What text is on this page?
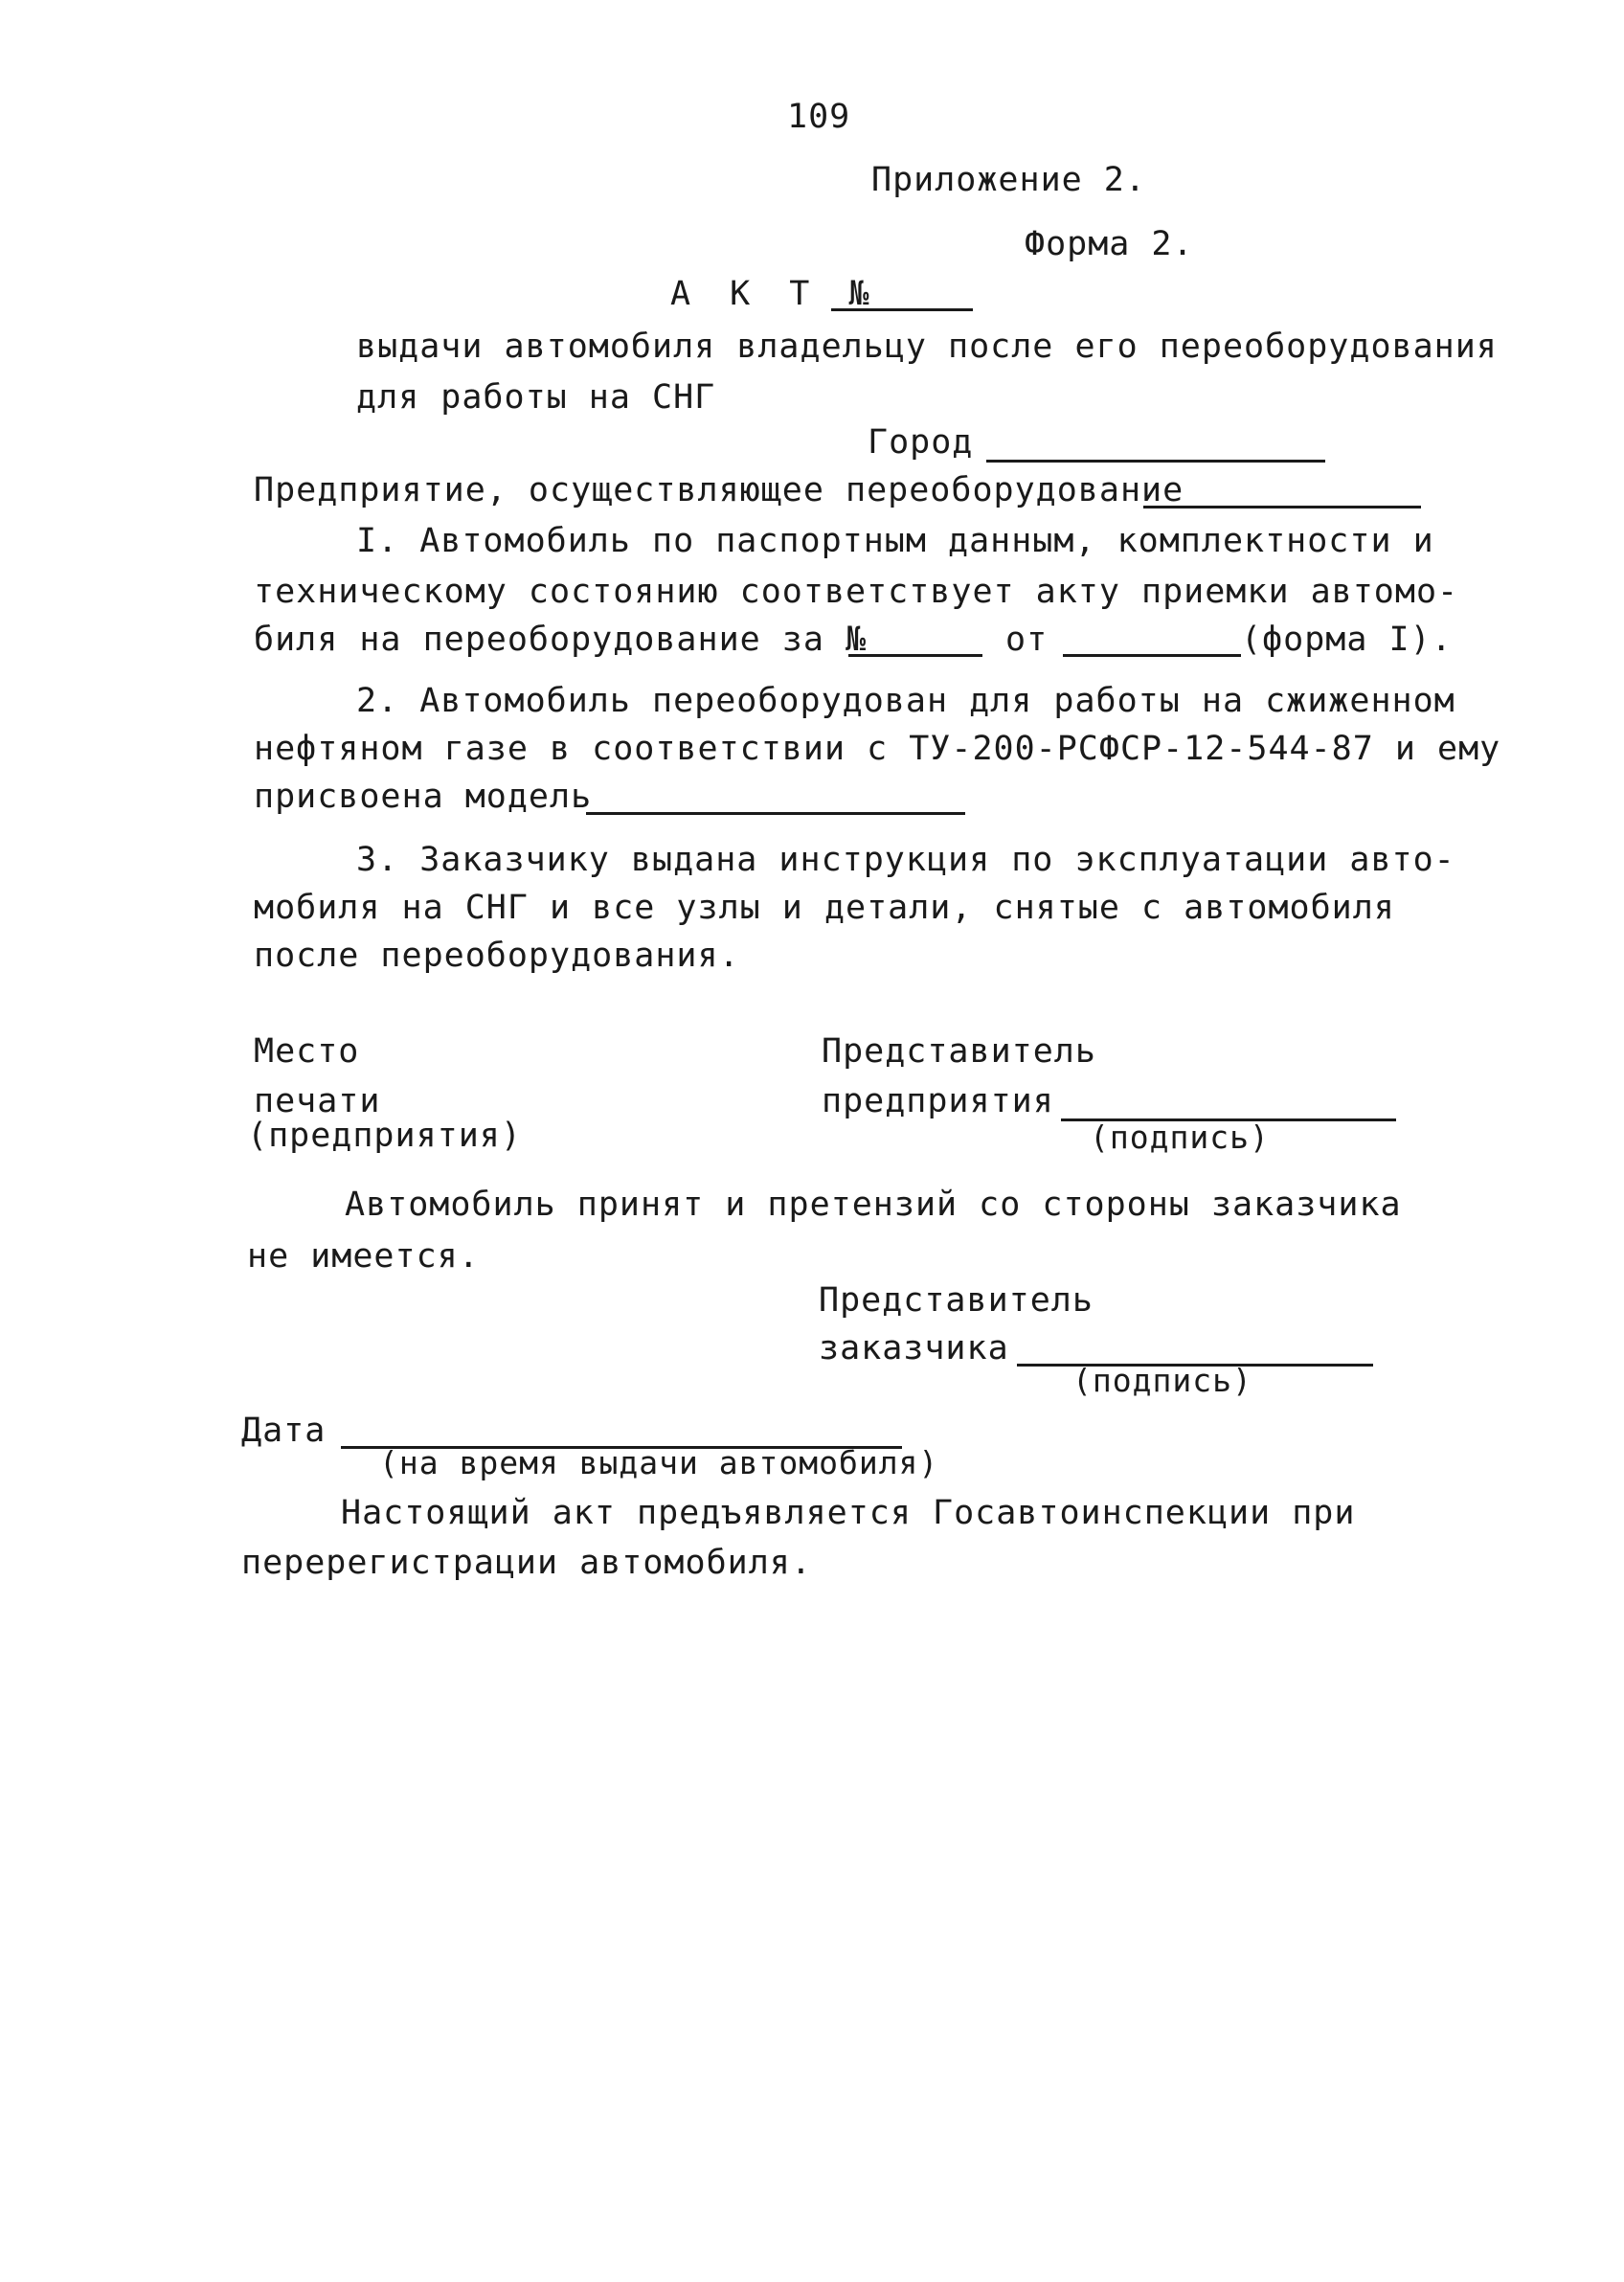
109
Приложение 2.
Форма 2.
А К Т №
выдачи автомобиля владельцу после его переоборудования
для работы на СНГ
Город
Предприятие, осуществляющее переоборудование
I. Автомобиль по паспортным данным, комплектности и
техническому состоянию соответствует акту приемки автомо-
биля на переоборудование за №	от	(форма I).
2. Автомобиль переоборудован для работы на сжиженном
нефтяном газе в соответствии с ТУ-200-РСФСР-12-544-87 и ему
присвоена модель
3. Заказчику выдана инструкция по эксплуатации авто-
мобиля на СНГ и все узлы и детали, снятые с автомобиля
после переоборудования.
Место
печати
(предприятия)
Представитель
предприятия
(подпись)
Автомобиль принят и претензий со стороны заказчика
не имеется.
Представитель
заказчика
(подпись)
Дата
(на время выдачи автомобиля)
Настоящий акт предъявляется Госавтоинспекции при
перерегистрации автомобиля.
